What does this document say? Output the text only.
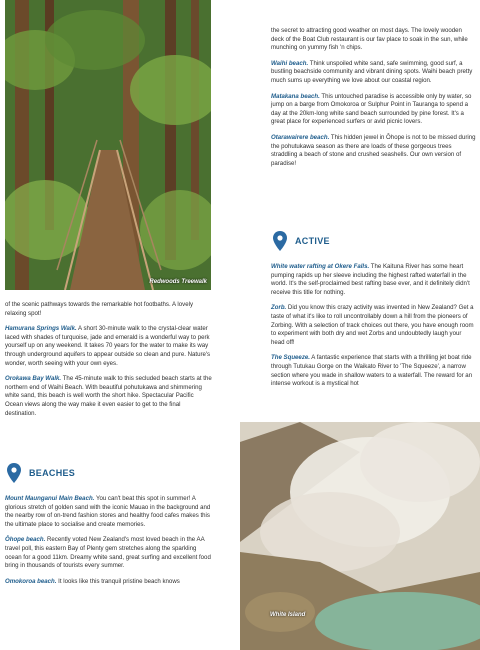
Redwoods Treewalk
White Island

of the scenic pathways towards the remarkable hot footbaths. A lovely relaxing spot!

Hamurana Springs Walk. A short 30-minute walk to the crystal-clear water laced with shades of turquoise, jade and emerald is a wonderful way to perk yourself up on any weekend. It takes 70 years for the water to make its way through underground aquifers to appear outside so clean and pure. Nature's wonder, worth seeing with your own eyes.

Orokawa Bay Walk. The 45-minute walk to this secluded beach starts at the northern end of Waihi Beach. With beautiful pohutukawa and shimmering white sand, this beach is well worth the short hike. Spectacular Pacific Ocean views along the way make it even easier to get to the final destination.

BEACHES

Mount Maunganui Main Beach. You can't beat this spot in summer! A glorious stretch of golden sand with the iconic Mauao in the background and the nearby row of on-trend fashion stores and healthy food cafes makes this the ultimate place to socialise and create memories.

Ōhope beach. Recently voted New Zealand's most loved beach in the AA travel poll, this eastern Bay of Plenty gem stretches along the sparkling ocean for a good 11km. Dreamy white sand, great surfing and excellent food bring in thousands of tourists every summer.

Omokoroa beach. It looks like this tranquil pristine beach knows

the secret to attracting good weather on most days. The lovely wooden deck of the Boat Club restaurant is our fav place to soak in the sun, while munching on yummy fish 'n chips.

Waihi beach. Think unspoiled white sand, safe swimming, good surf, a bustling beachside community and vibrant dining spots. Waihi beach pretty much sums up everything we love about our coastal region.

Matakana beach. This untouched paradise is accessible only by water, so jump on a barge from Omokoroa or Sulphur Point in Tauranga to spend a day at the 20km-long white sand beach surrounded by pine forest. It's a great place for experienced surfers or avid picnic lovers.

Otarawairere beach. This hidden jewel in Ōhope is not to be missed during the pohutukawa season as there are loads of these gorgeous trees straddling a beach of stone and crushed seashells. Our own version of paradise!

ACTIVE

White water rafting at Okere Falls. The Kaituna River has some heart pumping rapids up her sleeve including the highest rafted waterfall in the world. It's the self-proclaimed best rafting base ever, and it definitely didn't receive this title for nothing.

Zorb. Did you know this crazy activity was invented in New Zealand? Get a taste of what it's like to roll uncontrollably down a hill from the pioneers of Zorbing. With a selection of track choices out there, you have enough room to experiment with both dry and wet Zorbs and undoubtedly laugh your head off!

The Squeeze. A fantastic experience that starts with a thrilling jet boat ride through Tutukau Gorge on the Waikato River to 'The Squeeze', a narrow section where you wade in shallow waters to a waterfall. The reward for an intense workout is a mystical hot
